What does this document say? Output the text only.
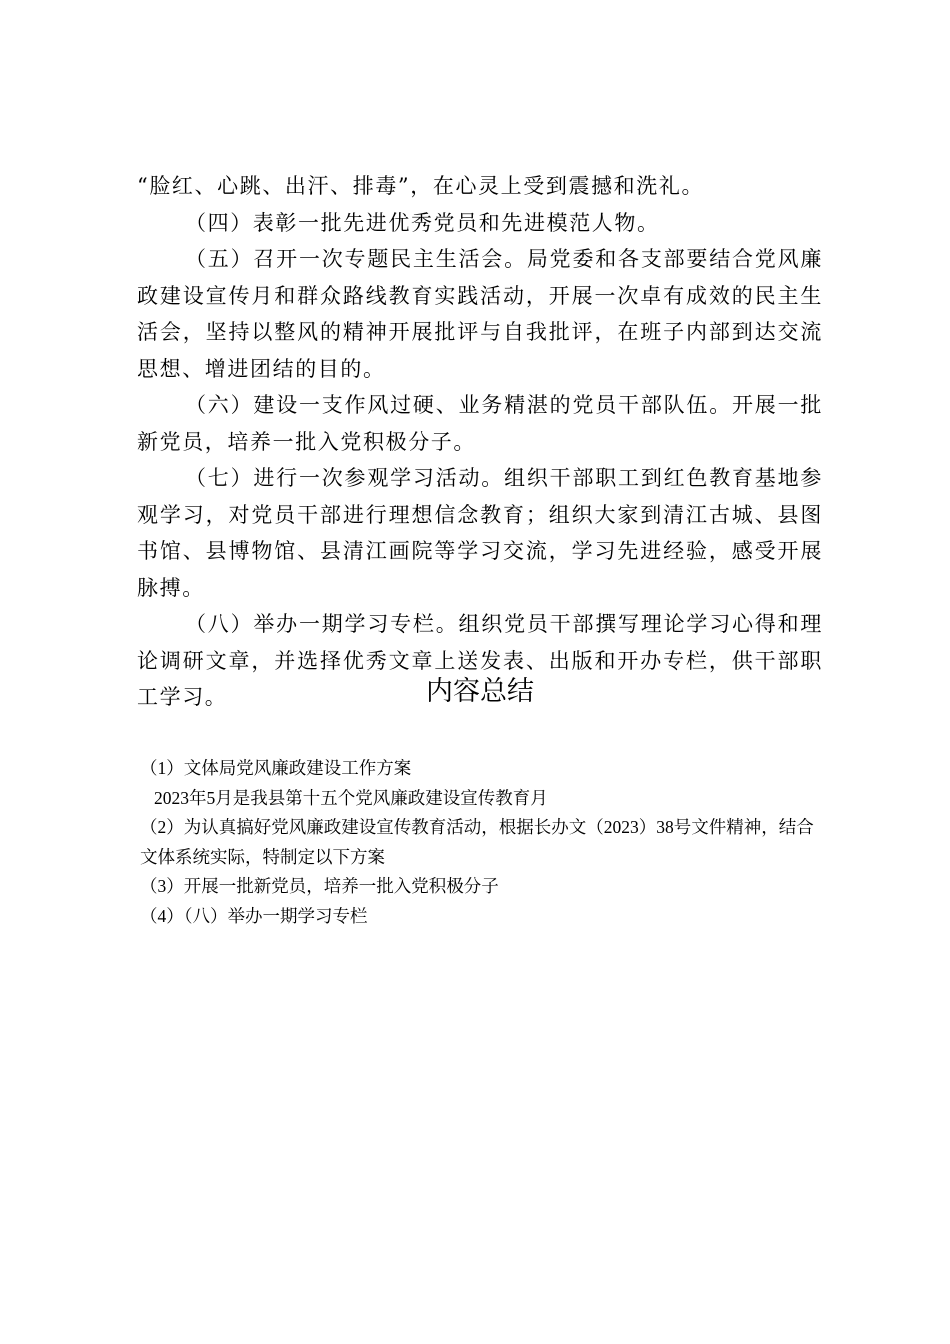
“脸红、心跳、出汗、排毒”，在心灵上受到震撼和洗礼。

（四）表彰一批先进优秀党员和先进模范人物。

（五）召开一次专题民主生活会。局党委和各支部要结合党风廉政建设宣传月和群众路线教育实践活动，开展一次卓有成效的民主生活会，坚持以整风的精神开展批评与自我批评，在班子内部到达交流思想、增进团结的目的。

（六）建设一支作风过硬、业务精湛的党员干部队伍。开展一批新党员，培养一批入党积极分子。

（七）进行一次参观学习活动。组织干部职工到红色教育基地参观学习，对党员干部进行理想信念教育；组织大家到清江古城、县图书馆、县博物馆、县清江画院等学习交流，学习先进经验，感受开展脉搏。

（八）举办一期学习专栏。组织党员干部撰写理论学习心得和理论调研文章，并选择优秀文章上送发表、出版和开办专栏，供干部职工学习。	内容总结

（1）文体局党风廉政建设工作方案

2023年5月是我县第十五个党风廉政建设宣传教育月

（2）为认真搞好党风廉政建设宣传教育活动，根据长办文（2023）38号文件精神，结合文体系统实际，特制定以下方案

（3）开展一批新党员，培养一批入党积极分子

（4）（八）举办一期学习专栏
